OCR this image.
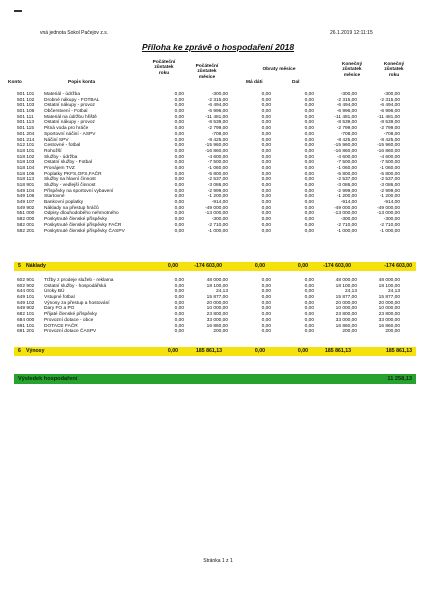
vná jednota Sokol Pačejov z.s.	26.1.2019 12:11:15
Příloha ke zprávě o hospodaření 2018
Konto	Popis konta
Počáteční
zůstatek
roku
Počáteční
zůstatek
měsíce
Obraty měsíce
Má dáti	Dal
Konečný
zůstatek
měsíce
Konečný
zůstatek
roku
501 101 Materiál - údržba	0,00	-300,00	0,00	0,00	-300,00	-300,00
501 102 Drobné nákupy - FOTBAL	0,00	-2 315,00	0,00	0,00	-2 315,00	-2 315,00
501 103 Ostatní nákupy - provoz	0,00	-6 494,00	0,00	0,00	-6 494,00	-6 494,00
501 106 Občerstvení - Fotbal	0,00	-6 996,00	0,00	0,00	-6 996,00	-6 996,00
501 111 Materiál na údržbu hřiště	0,00	-11 481,00	0,00	0,00	-11 481,00	-11 481,00
501 113 Ostatní nákupy - provoz	0,00	-8 539,00	0,00	0,00	-8 539,00	-8 539,00
501 115 Pitná voda pro hráče	0,00	-2 799,00	0,00	0,00	-2 799,00	-2 799,00
501 204 Sportovní náčiní - ASPV	0,00	-708,00	0,00	0,00	-708,00	-708,00
501 214 Náčiní SPV	0,00	-8 425,00	0,00	0,00	-8 425,00	-8 425,00
512 101 Cestovné - fotbal	0,00	-15 960,00	0,00	0,00	-15 960,00	-15 960,00
518 101 Rohožší	0,00	-16 860,00	0,00	0,00	-16 860,00	-16 860,00
518 102 Služby - údržba	0,00	-4 600,00	0,00	0,00	-4 600,00	-4 600,00
518 103 Ostatní služby - Fotbal	0,00	-7 500,00	0,00	0,00	-7 500,00	-7 500,00
518 104 Pronájem TVZ	0,00	-1 060,00	0,00	0,00	-1 060,00	-1 060,00
518 106 Poplatky PKFS,OFS,FAČR	0,00	-5 800,00	0,00	0,00	-5 800,00	-5 800,00
518 113 Služby na hlavní činnost	0,00	-2 537,00	0,00	0,00	-2 537,00	-2 537,00
518 901 Služby - vedlejší činnost	0,00	-3 086,00	0,00	0,00	-3 086,00	-3 086,00
549 104 Příspěvky na sportovní vybavení	0,00	-2 999,00	0,00	0,00	-2 999,00	-2 999,00
549 106 Startovné	0,00	-1 200,00	0,00	0,00	-1 200,00	-1 200,00
549 107 Bankovní poplatky	0,00	-914,00	0,00	0,00	-914,00	-914,00
549 902 Náklady na přestup hráčů	0,00	-49 000,00	0,00	0,00	-49 000,00	-49 000,00
551 000 Odpisy dlouhodobého nehmotného	0,00	-13 000,00	0,00	0,00	-13 000,00	-13 000,00
582 000 Poskytnuté členské příspěvky	0,00	-300,00	0,00	0,00	-300,00	-300,00
582 001 Poskytnuté členské příspěvky FAČR	0,00	-2 710,00	0,00	0,00	-2 710,00	-2 710,00
582 201 Poskytnuté členské příspěvky ČASPV	0,00	-1 000,00	0,00	0,00	-1 000,00	-1 000,00
5 Náklady	0,00	-174 603,00	0,00	0,00	-174 603,00	-174 603,00
602 901 Tržby z prodeje služeb - reklama	0,00	48 000,00	0,00	0,00	48 000,00	48 000,00
602 902 Ostatní služby - hospodářská	0,00	18 100,00	0,00	0,00	18 100,00	18 100,00
644 001 Úroky BÚ	0,00	24,13	0,00	0,00	24,13	24,13
649 101 Vstupné fotbal	0,00	15 877,00	0,00	0,00	15 877,00	15 877,00
649 102 Výnosy za přestup a hostování	0,00	20 000,00	0,00	0,00	20 000,00	20 000,00
649 902 Dary FO a PO	0,00	10 000,00	0,00	0,00	10 000,00	10 000,00
682 101 Přijaté členské příspěvky	0,00	23 800,00	0,00	0,00	23 800,00	23 800,00
684 000 Provozní dotace - obce	0,00	33 000,00	0,00	0,00	33 000,00	33 000,00
691 101 DOTACE FAČR	0,00	16 860,00	0,00	0,00	16 860,00	16 860,00
691 201 Provozní dotace ČASPV	0,00	200,00	0,00	0,00	200,00	200,00
6 Výnosy	0,00	185 861,13	0,00	0,00	185 861,13	185 861,13
Výsledek hospodaření	11 258,13
Stránka 1 z 1
